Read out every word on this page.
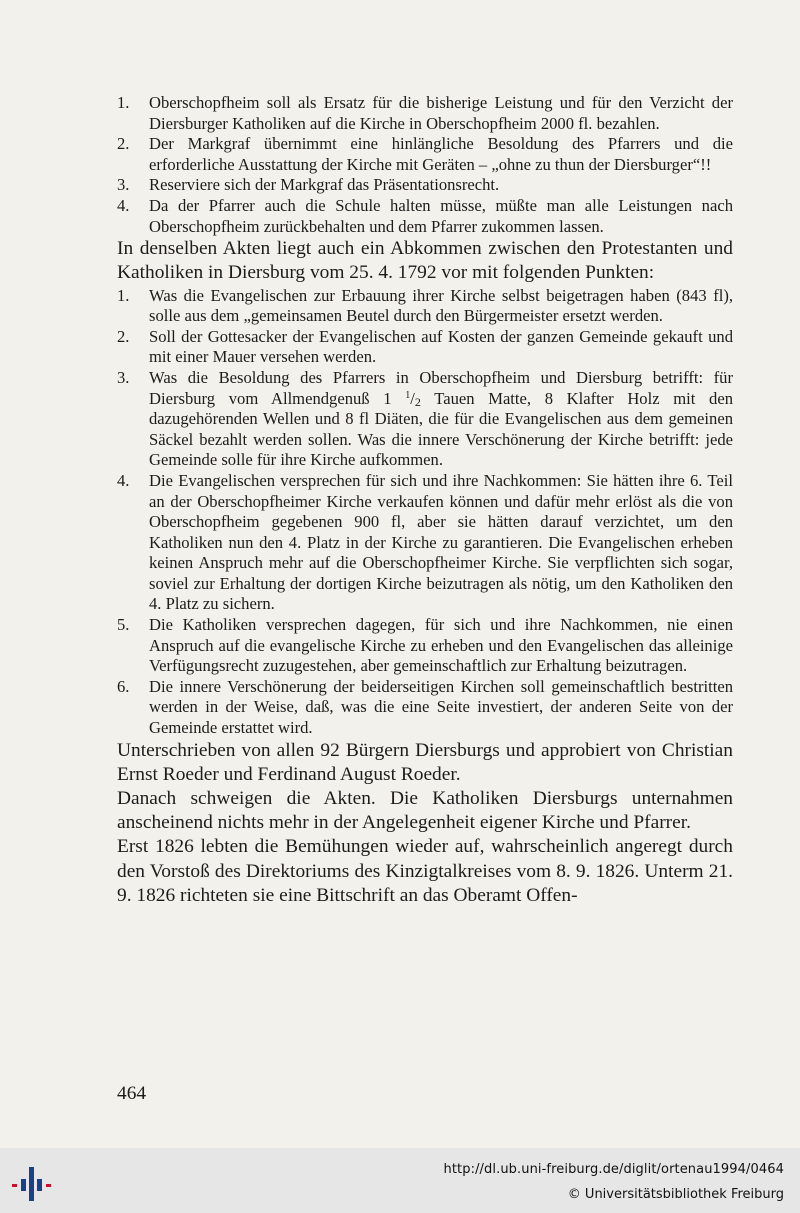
1. Oberschopfheim soll als Ersatz für die bisherige Leistung und für den Verzicht der Diersburger Katholiken auf die Kirche in Oberschopfheim 2000 fl. bezahlen.
2. Der Markgraf übernimmt eine hinlängliche Besoldung des Pfarrers und die erforderliche Ausstattung der Kirche mit Geräten – „ohne zu thun der Diersburger“!!
3. Reserviere sich der Markgraf das Präsentationsrecht.
4. Da der Pfarrer auch die Schule halten müsse, müßte man alle Leistungen nach Oberschopfheim zurückbehalten und dem Pfarrer zukommen lassen.

In denselben Akten liegt auch ein Abkommen zwischen den Protestanten und Katholiken in Diersburg vom 25. 4. 1792 vor mit folgenden Punkten:

1. Was die Evangelischen zur Erbauung ihrer Kirche selbst beigetragen haben (843 fl), solle aus dem „gemeinsamen Beutel durch den Bürgermeister ersetzt werden.
2. Soll der Gottesacker der Evangelischen auf Kosten der ganzen Gemeinde gekauft und mit einer Mauer versehen werden.
3. Was die Besoldung des Pfarrers in Oberschopfheim und Diersburg betrifft: für Diersburg vom Allmendgenuß 1 $^1/_2$ Tauen Matte, 8 Klafter Holz mit den dazugehörenden Wellen und 8 fl Diäten, die für die Evangelischen aus dem gemeinen Säckel bezahlt werden sollen. Was die innere Verschönerung der Kirche betrifft: jede Gemeinde solle für ihre Kirche aufkommen.
4. Die Evangelischen versprechen für sich und ihre Nachkommen: Sie hätten ihre 6. Teil an der Oberschopfheimer Kirche verkaufen können und dafür mehr erlöst als die von Oberschopfheim gegebenen 900 fl, aber sie hätten darauf verzichtet, um den Katholiken nun den 4. Platz in der Kirche zu garantieren. Die Evangelischen erheben keinen Anspruch mehr auf die Oberschopfheimer Kirche. Sie verpflichten sich sogar, soviel zur Erhaltung der dortigen Kirche beizutragen als nötig, um den Katholiken den 4. Platz zu sichern.
5. Die Katholiken versprechen dagegen, für sich und ihre Nachkommen, nie einen Anspruch auf die evangelische Kirche zu erheben und den Evangelischen das alleinige Verfügungsrecht zuzugestehen, aber gemeinschaftlich zur Erhaltung beizutragen.
6. Die innere Verschönerung der beiderseitigen Kirchen soll gemeinschaftlich bestritten werden in der Weise, daß, was die eine Seite investiert, der anderen Seite von der Gemeinde erstattet wird.

Unterschrieben von allen 92 Bürgern Diersburgs und approbiert von Christian Ernst Roeder und Ferdinand August Roeder.

Danach schweigen die Akten. Die Katholiken Diersburgs unternahmen anscheinend nichts mehr in der Angelegenheit eigener Kirche und Pfarrer.

Erst 1826 lebten die Bemühungen wieder auf, wahrscheinlich angeregt durch den Vorstoß des Direktoriums des Kinzigtalkreises vom 8. 9. 1826. Unterm 21. 9. 1826 richteten sie eine Bittschrift an das Oberamt Offen-

464
http://dl.ub.uni-freiburg.de/diglit/ortenau1994/0464
© Universitätsbibliothek Freiburg
